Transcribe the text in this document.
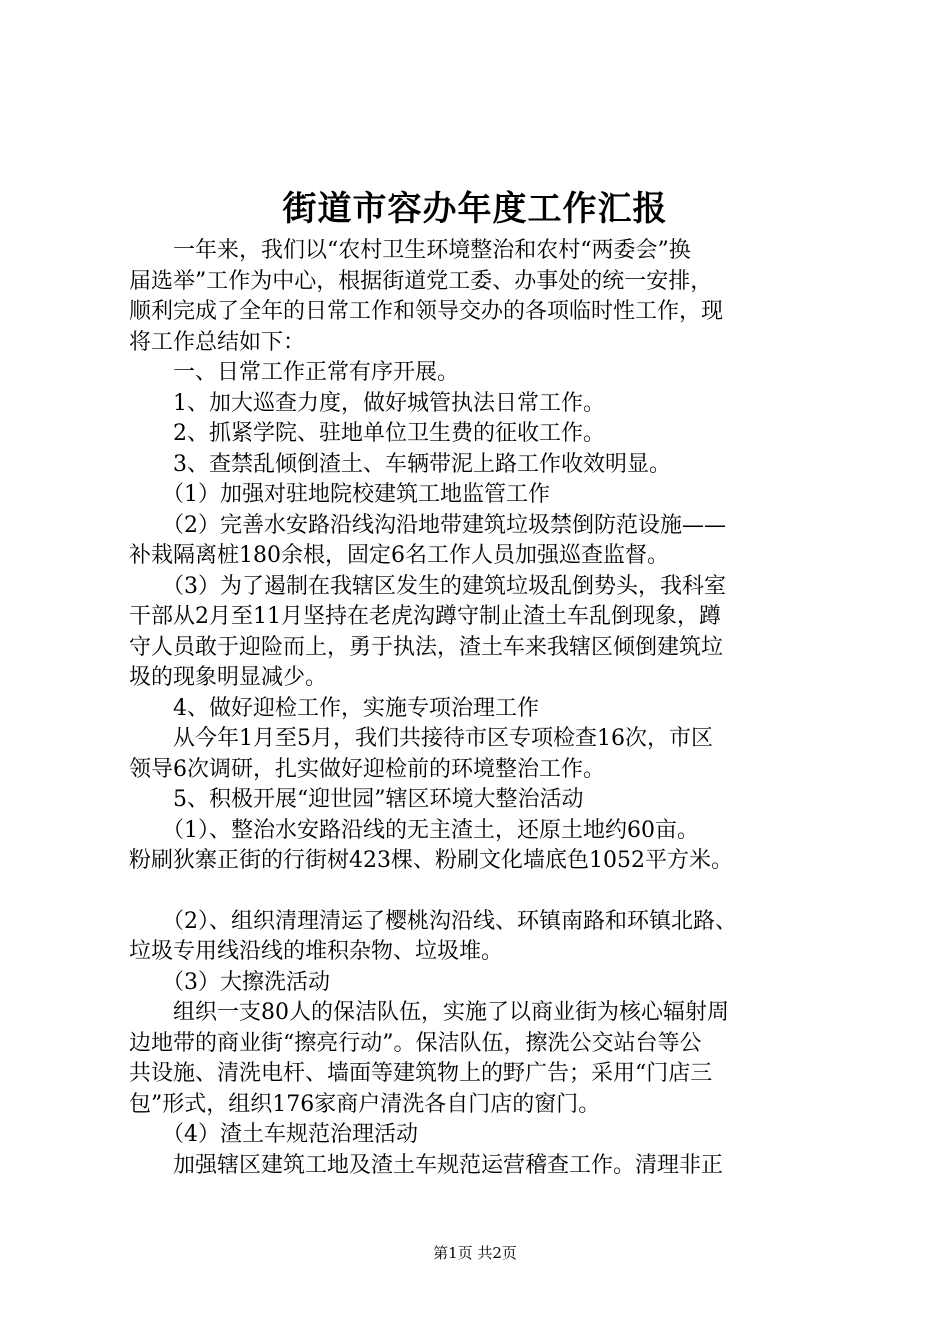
街道市容办年度工作汇报

　　一年来，我们以“农村卫生环境整治和农村“两委会”换

届选举”工作为中心，根据街道党工委、办事处的统一安排，

顺利完成了全年的日常工作和领导交办的各项临时性工作，现

将工作总结如下：

　　一、日常工作正常有序开展。

　　1、加大巡查力度，做好城管执法日常工作。

　　2、抓紧学院、驻地单位卫生费的征收工作。

　　3、查禁乱倾倒渣土、车辆带泥上路工作收效明显。

　　（1）加强对驻地院校建筑工地监管工作

　　（2）完善水安路沿线沟沿地带建筑垃圾禁倒防范设施——

补栽隔离桩180余根，固定6名工作人员加强巡查监督。

　　（3）为了遏制在我辖区发生的建筑垃圾乱倒势头，我科室

干部从2月至11月坚持在老虎沟蹲守制止渣土车乱倒现象，蹲

守人员敢于迎险而上，勇于执法，渣土车来我辖区倾倒建筑垃

圾的现象明显减少。

　　4、做好迎检工作，实施专项治理工作

　　从今年1月至5月，我们共接待市区专项检查16次，市区

领导6次调研，扎实做好迎检前的环境整治工作。

　　5、积极开展“迎世园”辖区环境大整治活动

　　（1）、整治水安路沿线的无主渣土，还原土地约60亩。

粉刷狄寨正街的行街树423棵、粉刷文化墙底色1052平方米。

　　（2）、组织清理清运了樱桃沟沿线、环镇南路和环镇北路、

垃圾专用线沿线的堆积杂物、垃圾堆。

　　（3）大擦洗活动

　　组织一支80人的保洁队伍，实施了以商业街为核心辐射周

边地带的商业街“擦亮行动”。保洁队伍，擦洗公交站台等公

共设施、清洗电杆、墙面等建筑物上的野广告；采用“门店三

包”形式，组织176家商户清洗各自门店的窗门。

　　（4）渣土车规范治理活动

　　加强辖区建筑工地及渣土车规范运营稽查工作。清理非正

第1页 共2页
